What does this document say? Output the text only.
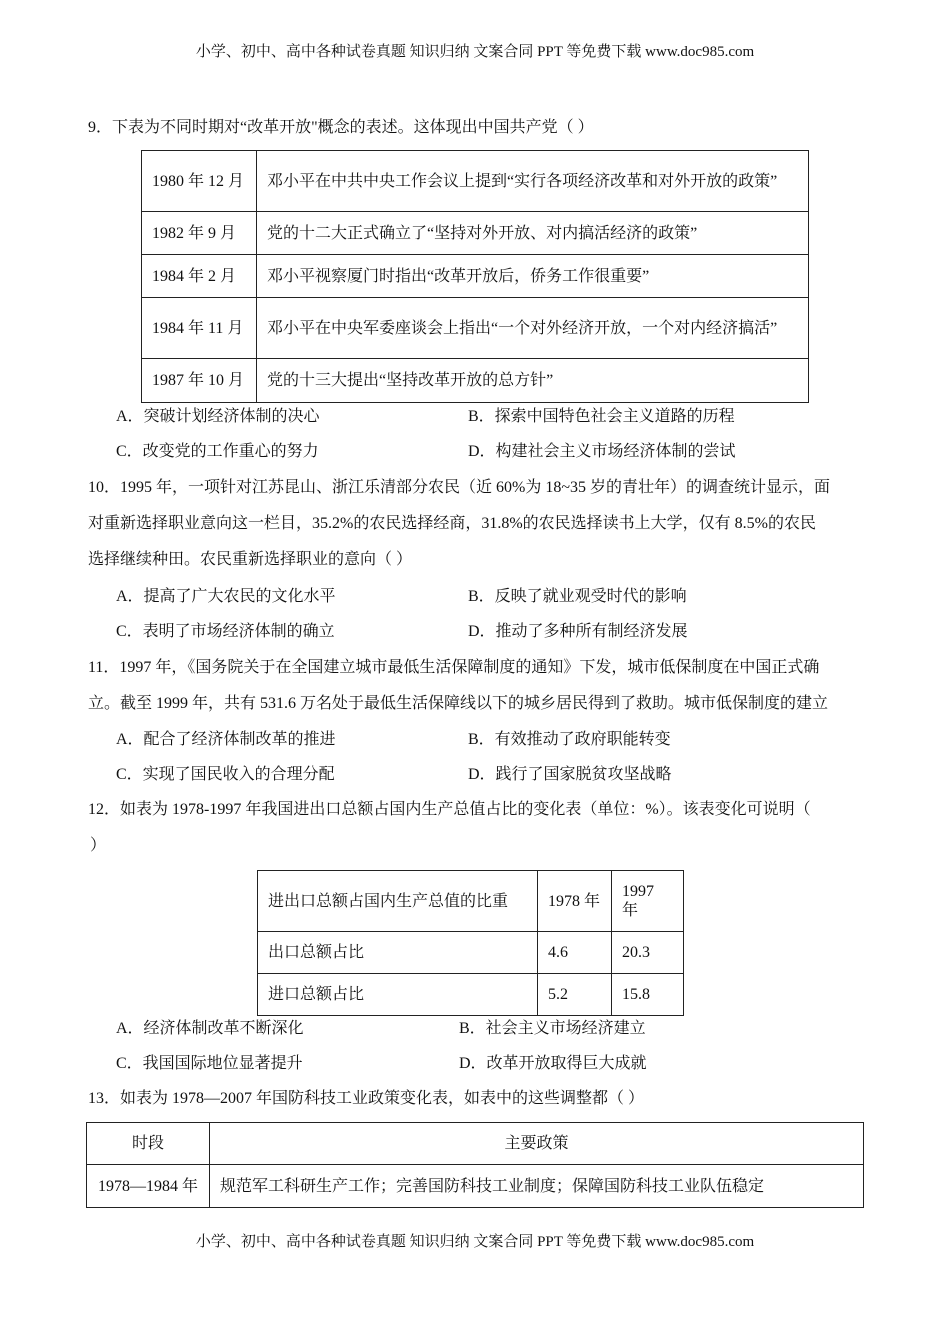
小学、初中、高中各种试卷真题 知识归纳 文案合同 PPT 等免费下载 www.doc985.com
9．下表为不同时期对“改革开放"概念的表述。这体现出中国共产党（ ）
1980 年 12 月	邓小平在中共中央工作会议上提到“实行各项经济改革和对外开放的政策”
1982 年 9 月	党的十二大正式确立了“坚持对外开放、对内搞活经济的政策”
1984 年 2 月	邓小平视察厦门时指出“改革开放后，侨务工作很重要”
1984 年 11 月	邓小平在中央军委座谈会上指出“一个对外经济开放，一个对内经济搞活”
1987 年 10 月	党的十三大提出“坚持改革开放的总方针”
A．突破计划经济体制的决心	B．探索中国特色社会主义道路的历程
C．改变党的工作重心的努力	D．构建社会主义市场经济体制的尝试
10．1995 年，一项针对江苏昆山、浙江乐清部分农民（近 60%为 18~35 岁的青壮年）的调查统计显示，面
对重新选择职业意向这一栏目，35.2%的农民选择经商，31.8%的农民选择读书上大学，仅有 8.5%的农民
选择继续种田。农民重新选择职业的意向（ ）
A．提高了广大农民的文化水平	B．反映了就业观受时代的影响
C．表明了市场经济体制的确立	D．推动了多种所有制经济发展
11．1997 年，《国务院关于在全国建立城市最低生活保障制度的通知》下发，城市低保制度在中国正式确
立。截至 1999 年，共有 531.6 万名处于最低生活保障线以下的城乡居民得到了救助。城市低保制度的建立
A．配合了经济体制改革的推进	B．有效推动了政府职能转变
C．实现了国民收入的合理分配	D．践行了国家脱贫攻坚战略
12．如表为 1978-1997 年我国进出口总额占国内生产总值占比的变化表（单位：%）。该表变化可说明（
）
进出口总额占国内生产总值的比重	1978 年	1997 年
出口总额占比	4.6	20.3
进口总额占比	5.2	15.8
A．经济体制改革不断深化	B．社会主义市场经济建立
C．我国国际地位显著提升	D．改革开放取得巨大成就
13．如表为 1978—2007 年国防科技工业政策变化表，如表中的这些调整都（ ）
时段	主要政策
1978—1984 年	规范军工科研生产工作；完善国防科技工业制度；保障国防科技工业队伍稳定
小学、初中、高中各种试卷真题 知识归纳 文案合同 PPT 等免费下载 www.doc985.com
